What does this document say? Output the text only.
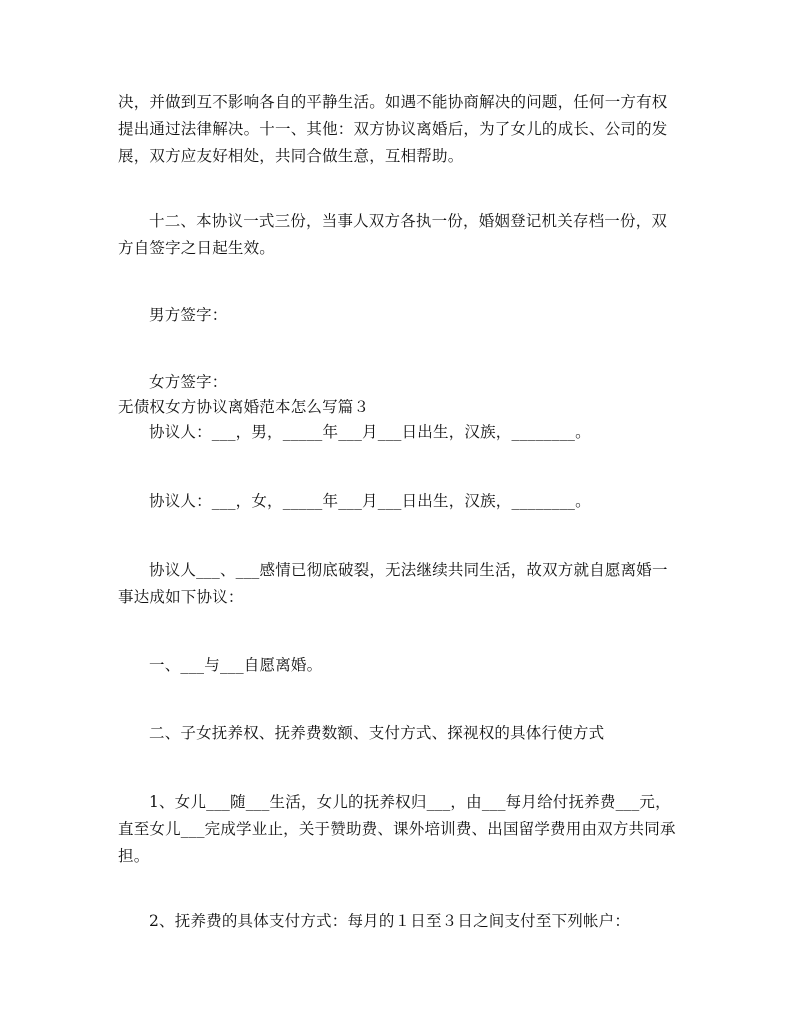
决，并做到互不影响各自的平静生活。如遇不能协商解决的问题，任何一方有权
提出通过法律解决。十一、其他：双方协议离婚后，为了女儿的成长、公司的发
展，双方应友好相处，共同合做生意，互相帮助。
十二、本协议一式三份，当事人双方各执一份，婚姻登记机关存档一份，双
方自签字之日起生效。
男方签字：
女方签字：
无债权女方协议离婚范本怎么写篇３
协议人：___，男，_____年___月___日出生，汉族，________。
协议人：___，女，_____年___月___日出生，汉族，________。
协议人___、___感情已彻底破裂，无法继续共同生活，故双方就自愿离婚一
事达成如下协议：
一、___与___自愿离婚。
二、子女抚养权、抚养费数额、支付方式、探视权的具体行使方式
1、女儿___随___生活，女儿的抚养权归___，由___每月给付抚养费___元，
直至女儿___完成学业止，关于赞助费、课外培训费、出国留学费用由双方共同承
担。
2、抚养费的具体支付方式：每月的１日至３日之间支付至下列帐户：
